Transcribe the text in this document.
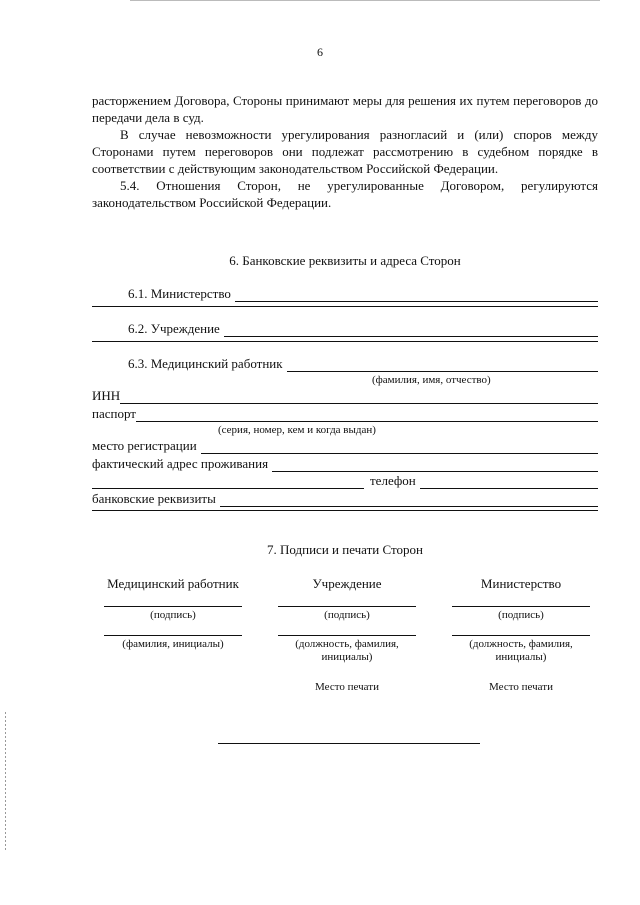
6

расторжением Договора, Стороны принимают меры для решения их путем переговоров до передачи дела в суд.

В случае невозможности урегулирования разногласий и (или) споров между Сторонами путем переговоров они подлежат рассмотрению в судебном порядке в соответствии с действующим законодательством Российской Федерации.

5.4. Отношения Сторон, не урегулированные Договором, регулируются законодательством Российской Федерации.

6. Банковские реквизиты и адреса Сторон
6.1. Министерство
6.2. Учреждение
6.3. Медицинский работник
(фамилия, имя, отчество)
ИНН
паспорт
(серия, номер, кем и когда выдан)
место регистрации
фактический адрес проживания
телефон
банковские реквизиты
7. Подписи и печати Сторон
Медицинский работник
(подпись)
(фамилия, инициалы)
Учреждение
(подпись)
(должность, фамилия, инициалы)
Место печати
Министерство
(подпись)
(должность, фамилия, инициалы)
Место печати
